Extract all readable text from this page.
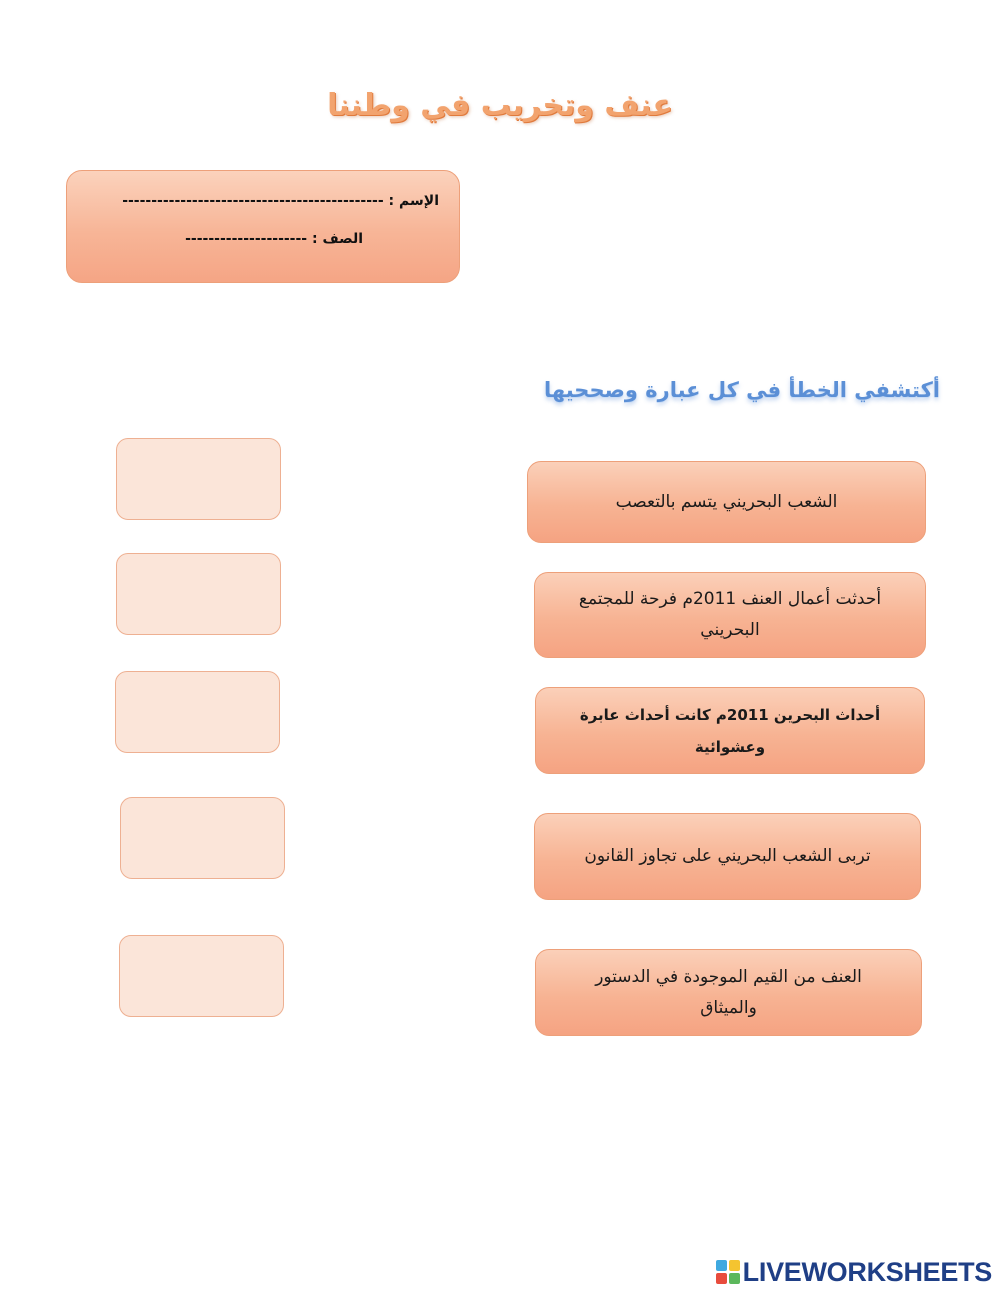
عنف وتخريب في وطننا
الإسم : ---------------------------------------------
الصف : ---------------------
أكتشفي الخطأ في كل عبارة وصححيها
الشعب البحريني يتسم بالتعصب
أحدثت أعمال العنف 2011م فرحة للمجتمع البحريني
أحداث البحرين 2011م كانت أحداث عابرة وعشوائية
تربى الشعب البحريني على تجاوز القانون
العنف من القيم الموجودة في الدستور والميثاق
LIVEWORKSHEETS
